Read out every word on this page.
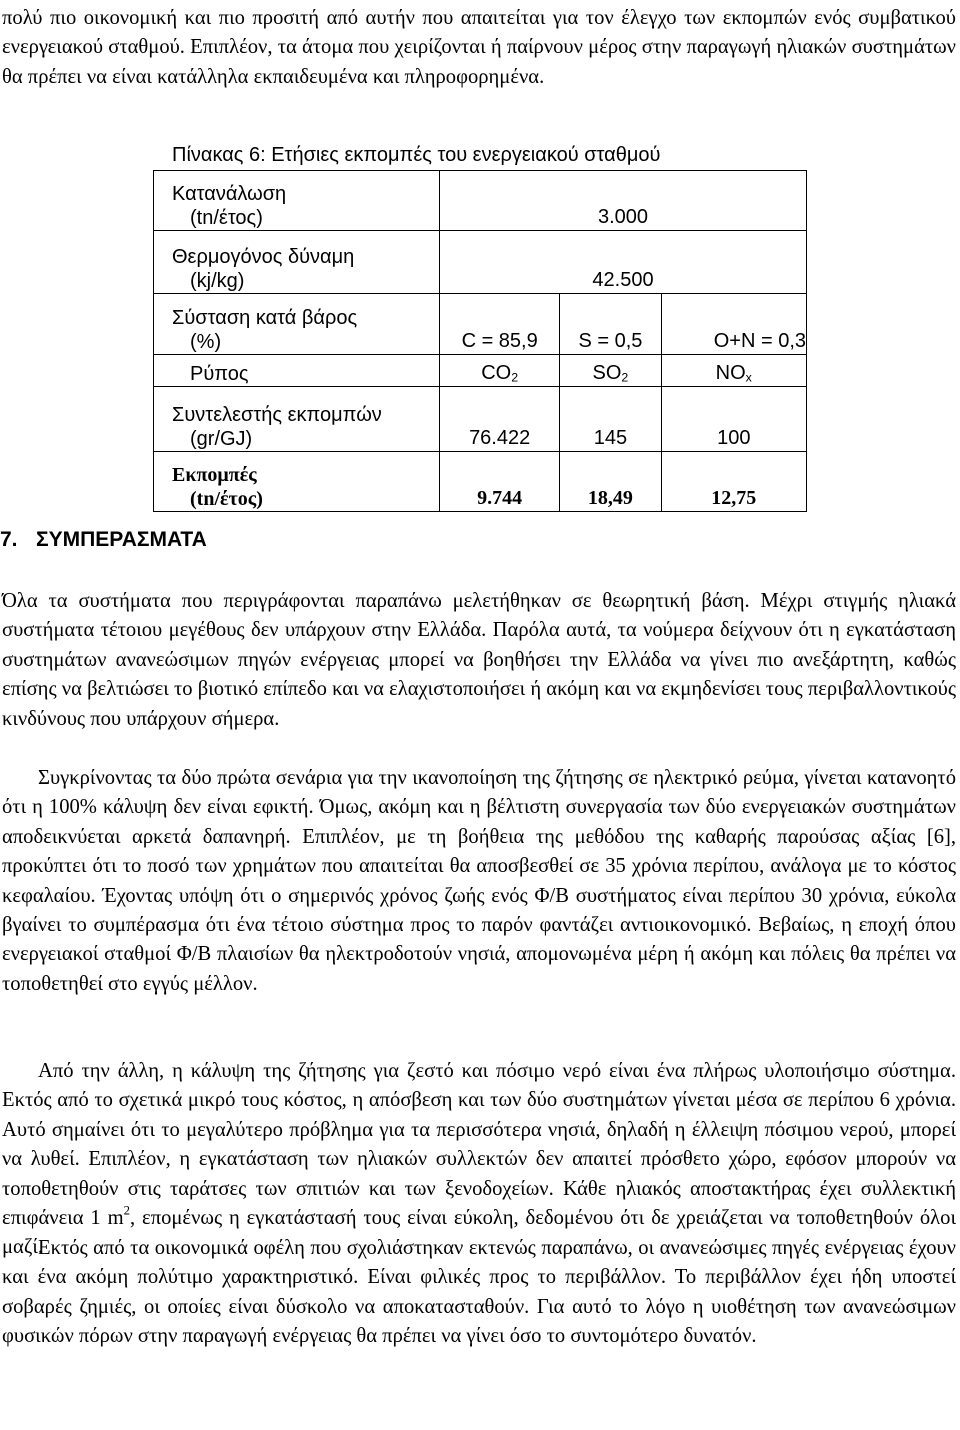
πολύ πιο οικονομική και πιο προσιτή από αυτήν που απαιτείται για τον έλεγχο των εκπομπών ενός συμβατικού ενεργειακού σταθμού. Επιπλέον, τα άτομα που χειρίζονται ή παίρνουν μέρος στην παραγωγή ηλιακών συστημάτων θα πρέπει να είναι κατάλληλα εκπαιδευμένα και πληροφορημένα.

Πίνακας 6: Ετήσιες εκπομπές του ενεργειακού σταθμού
Κατανάλωση
(tn/έτος)	3.000		

Θερμογόνος δύναμη
(kj/kg)	42.500		

Σύσταση κατά βάρος
(%)	C = 85,9	S = 0,5	O+N = 0,3

Ρύπος	$CO_2$	$SO_2$	$NO_x$

Συντελεστής εκπομπών
(gr/GJ)	76.422	145	100

Εκπομπές
(tn/έτος)	9.744	18,49	12,75
7. ΣΥΜΠΕΡΑΣΜΑΤΑ

Όλα τα συστήματα που περιγράφονται παραπάνω μελετήθηκαν σε θεωρητική βάση. Μέχρι στιγμής ηλιακά συστήματα τέτοιου μεγέθους δεν υπάρχουν στην Ελλάδα. Παρόλα αυτά, τα νούμερα δείχνουν ότι η εγκατάσταση συστημάτων ανανεώσιμων πηγών ενέργειας μπορεί να βοηθήσει την Ελλάδα να γίνει πιο ανεξάρτητη, καθώς επίσης να βελτιώσει το βιοτικό επίπεδο και να ελαχιστοποιήσει ή ακόμη και να εκμηδενίσει τους περιβαλλοντικούς κινδύνους που υπάρχουν σήμερα.

Συγκρίνοντας τα δύο πρώτα σενάρια για την ικανοποίηση της ζήτησης σε ηλεκτρικό ρεύμα, γίνεται κατανοητό ότι η 100% κάλυψη δεν είναι εφικτή. Όμως, ακόμη και η βέλτιστη συνεργασία των δύο ενεργειακών συστημάτων αποδεικνύεται αρκετά δαπανηρή. Επιπλέον, με τη βοήθεια της μεθόδου της καθαρής παρούσας αξίας [6], προκύπτει ότι το ποσό των χρημάτων που απαιτείται θα αποσβεσθεί σε 35 χρόνια περίπου, ανάλογα με το κόστος κεφαλαίου. Έχοντας υπόψη ότι ο σημερινός χρόνος ζωής ενός Φ/Β συστήματος είναι περίπου 30 χρόνια, εύκολα βγαίνει το συμπέρασμα ότι ένα τέτοιο σύστημα προς το παρόν φαντάζει αντιοικονομικό. Βεβαίως, η εποχή όπου ενεργειακοί σταθμοί Φ/Β πλαισίων θα ηλεκτροδοτούν νησιά, απομονωμένα μέρη ή ακόμη και πόλεις θα πρέπει να τοποθετηθεί στο εγγύς μέλλον.

Από την άλλη, η κάλυψη της ζήτησης για ζεστό και πόσιμο νερό είναι ένα πλήρως υλοποιήσιμο σύστημα. Εκτός από το σχετικά μικρό τους κόστος, η απόσβεση και των δύο συστημάτων γίνεται μέσα σε περίπου 6 χρόνια. Αυτό σημαίνει ότι το μεγαλύτερο πρόβλημα για τα περισσότερα νησιά, δηλαδή η έλλειψη πόσιμου νερού, μπορεί να λυθεί. Επιπλέον, η εγκατάσταση των ηλιακών συλλεκτών δεν απαιτεί πρόσθετο χώρο, εφόσον μπορούν να τοποθετηθούν στις ταράτσες των σπιτιών και των ξενοδοχείων. Κάθε ηλιακός αποστακτήρας έχει συλλεκτική επιφάνεια 1 $m^2$, επομένως η εγκατάστασή τους είναι εύκολη, δεδομένου ότι δε χρειάζεται να τοποθετηθούν όλοι μαζί.

Εκτός από τα οικονομικά οφέλη που σχολιάστηκαν εκτενώς παραπάνω, οι ανανεώσιμες πηγές ενέργειας έχουν και ένα ακόμη πολύτιμο χαρακτηριστικό. Είναι φιλικές προς το περιβάλλον. Το περιβάλλον έχει ήδη υποστεί σοβαρές ζημιές, οι οποίες είναι δύσκολο να αποκατασταθούν. Για αυτό το λόγο η υιοθέτηση των ανανεώσιμων φυσικών πόρων στην παραγωγή ενέργειας θα πρέπει να γίνει όσο το συντομότερο δυνατόν.
